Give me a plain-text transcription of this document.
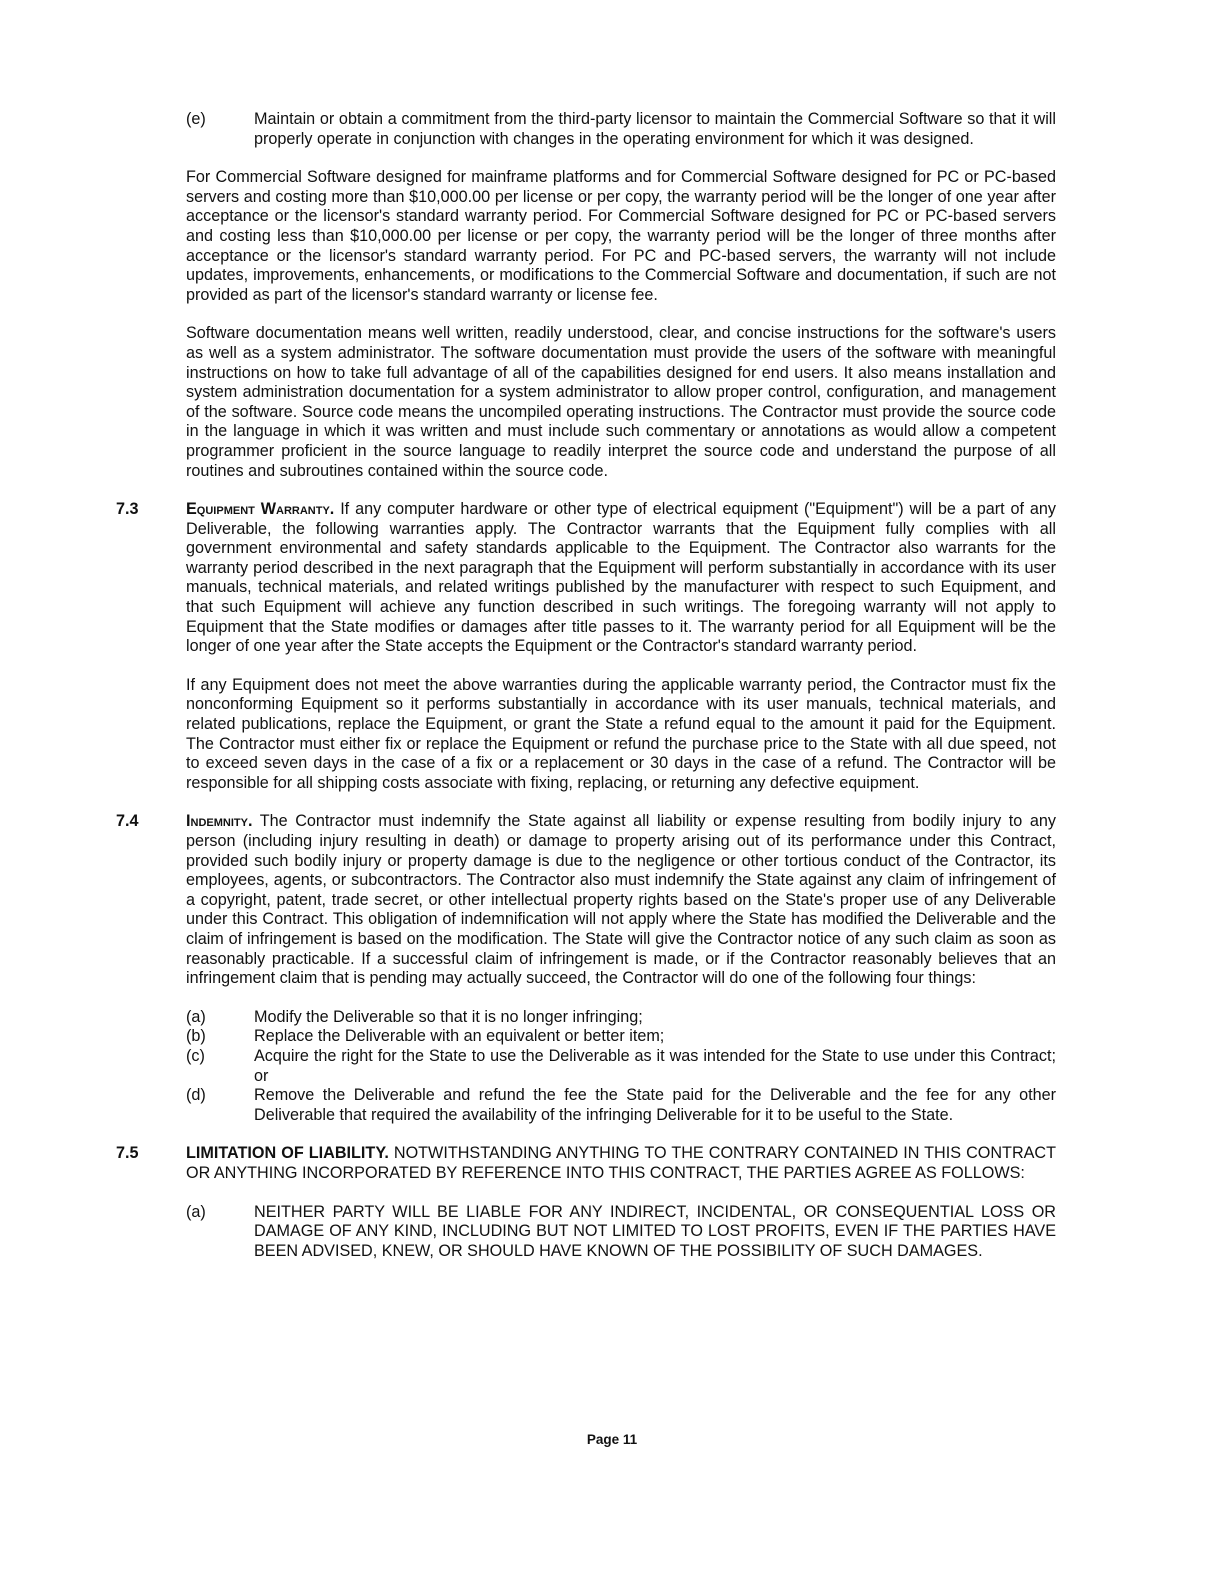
(e)	Maintain or obtain a commitment from the third-party licensor to maintain the Commercial Software so that it will properly operate in conjunction with changes in the operating environment for which it was designed.
For Commercial Software designed for mainframe platforms and for Commercial Software designed for PC or PC-based servers and costing more than $10,000.00 per license or per copy, the warranty period will be the longer of one year after acceptance or the licensor's standard warranty period. For Commercial Software designed for PC or PC-based servers and costing less than $10,000.00 per license or per copy, the warranty period will be the longer of three months after acceptance or the licensor's standard warranty period. For PC and PC-based servers, the warranty will not include updates, improvements, enhancements, or modifications to the Commercial Software and documentation, if such are not provided as part of the licensor's standard warranty or license fee.
Software documentation means well written, readily understood, clear, and concise instructions for the software's users as well as a system administrator. The software documentation must provide the users of the software with meaningful instructions on how to take full advantage of all of the capabilities designed for end users. It also means installation and system administration documentation for a system administrator to allow proper control, configuration, and management of the software. Source code means the uncompiled operating instructions. The Contractor must provide the source code in the language in which it was written and must include such commentary or annotations as would allow a competent programmer proficient in the source language to readily interpret the source code and understand the purpose of all routines and subroutines contained within the source code.
7.3	Equipment Warranty. If any computer hardware or other type of electrical equipment ("Equipment") will be a part of any Deliverable, the following warranties apply. The Contractor warrants that the Equipment fully complies with all government environmental and safety standards applicable to the Equipment. The Contractor also warrants for the warranty period described in the next paragraph that the Equipment will perform substantially in accordance with its user manuals, technical materials, and related writings published by the manufacturer with respect to such Equipment, and that such Equipment will achieve any function described in such writings. The foregoing warranty will not apply to Equipment that the State modifies or damages after title passes to it. The warranty period for all Equipment will be the longer of one year after the State accepts the Equipment or the Contractor's standard warranty period.
If any Equipment does not meet the above warranties during the applicable warranty period, the Contractor must fix the nonconforming Equipment so it performs substantially in accordance with its user manuals, technical materials, and related publications, replace the Equipment, or grant the State a refund equal to the amount it paid for the Equipment. The Contractor must either fix or replace the Equipment or refund the purchase price to the State with all due speed, not to exceed seven days in the case of a fix or a replacement or 30 days in the case of a refund. The Contractor will be responsible for all shipping costs associate with fixing, replacing, or returning any defective equipment.
7.4	Indemnity. The Contractor must indemnify the State against all liability or expense resulting from bodily injury to any person (including injury resulting in death) or damage to property arising out of its performance under this Contract, provided such bodily injury or property damage is due to the negligence or other tortious conduct of the Contractor, its employees, agents, or subcontractors. The Contractor also must indemnify the State against any claim of infringement of a copyright, patent, trade secret, or other intellectual property rights based on the State's proper use of any Deliverable under this Contract. This obligation of indemnification will not apply where the State has modified the Deliverable and the claim of infringement is based on the modification. The State will give the Contractor notice of any such claim as soon as reasonably practicable. If a successful claim of infringement is made, or if the Contractor reasonably believes that an infringement claim that is pending may actually succeed, the Contractor will do one of the following four things:
(a)	Modify the Deliverable so that it is no longer infringing;
(b)	Replace the Deliverable with an equivalent or better item;
(c)	Acquire the right for the State to use the Deliverable as it was intended for the State to use under this Contract; or
(d)	Remove the Deliverable and refund the fee the State paid for the Deliverable and the fee for any other Deliverable that required the availability of the infringing Deliverable for it to be useful to the State.
7.5	LIMITATION OF LIABILITY. NOTWITHSTANDING ANYTHING TO THE CONTRARY CONTAINED IN THIS CONTRACT OR ANYTHING INCORPORATED BY REFERENCE INTO THIS CONTRACT, THE PARTIES AGREE AS FOLLOWS:
(a)	NEITHER PARTY WILL BE LIABLE FOR ANY INDIRECT, INCIDENTAL, OR CONSEQUENTIAL LOSS OR DAMAGE OF ANY KIND, INCLUDING BUT NOT LIMITED TO LOST PROFITS, EVEN IF THE PARTIES HAVE BEEN ADVISED, KNEW, OR SHOULD HAVE KNOWN OF THE POSSIBILITY OF SUCH DAMAGES.
Page 11
